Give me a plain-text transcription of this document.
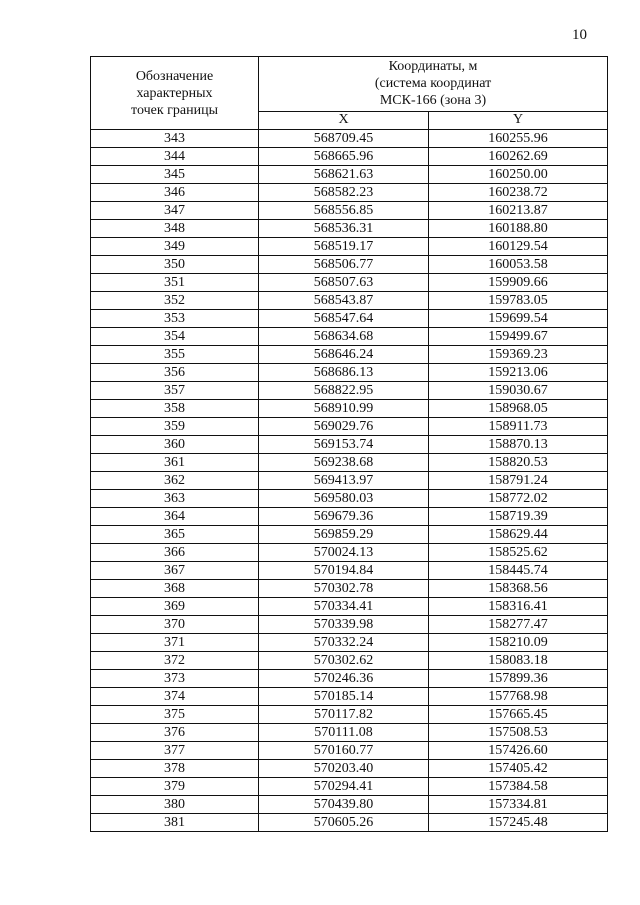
10
Обозначение
характерных
точек границы	Координаты, м
(система координат
МСК-166 (зона 3)	

	X	Y
343	568709.45	160255.96
344	568665.96	160262.69
345	568621.63	160250.00
346	568582.23	160238.72
347	568556.85	160213.87
348	568536.31	160188.80
349	568519.17	160129.54
350	568506.77	160053.58
351	568507.63	159909.66
352	568543.87	159783.05
353	568547.64	159699.54
354	568634.68	159499.67
355	568646.24	159369.23
356	568686.13	159213.06
357	568822.95	159030.67
358	568910.99	158968.05
359	569029.76	158911.73
360	569153.74	158870.13
361	569238.68	158820.53
362	569413.97	158791.24
363	569580.03	158772.02
364	569679.36	158719.39
365	569859.29	158629.44
366	570024.13	158525.62
367	570194.84	158445.74
368	570302.78	158368.56
369	570334.41	158316.41
370	570339.98	158277.47
371	570332.24	158210.09
372	570302.62	158083.18
373	570246.36	157899.36
374	570185.14	157768.98
375	570117.82	157665.45
376	570111.08	157508.53
377	570160.77	157426.60
378	570203.40	157405.42
379	570294.41	157384.58
380	570439.80	157334.81
381	570605.26	157245.48
